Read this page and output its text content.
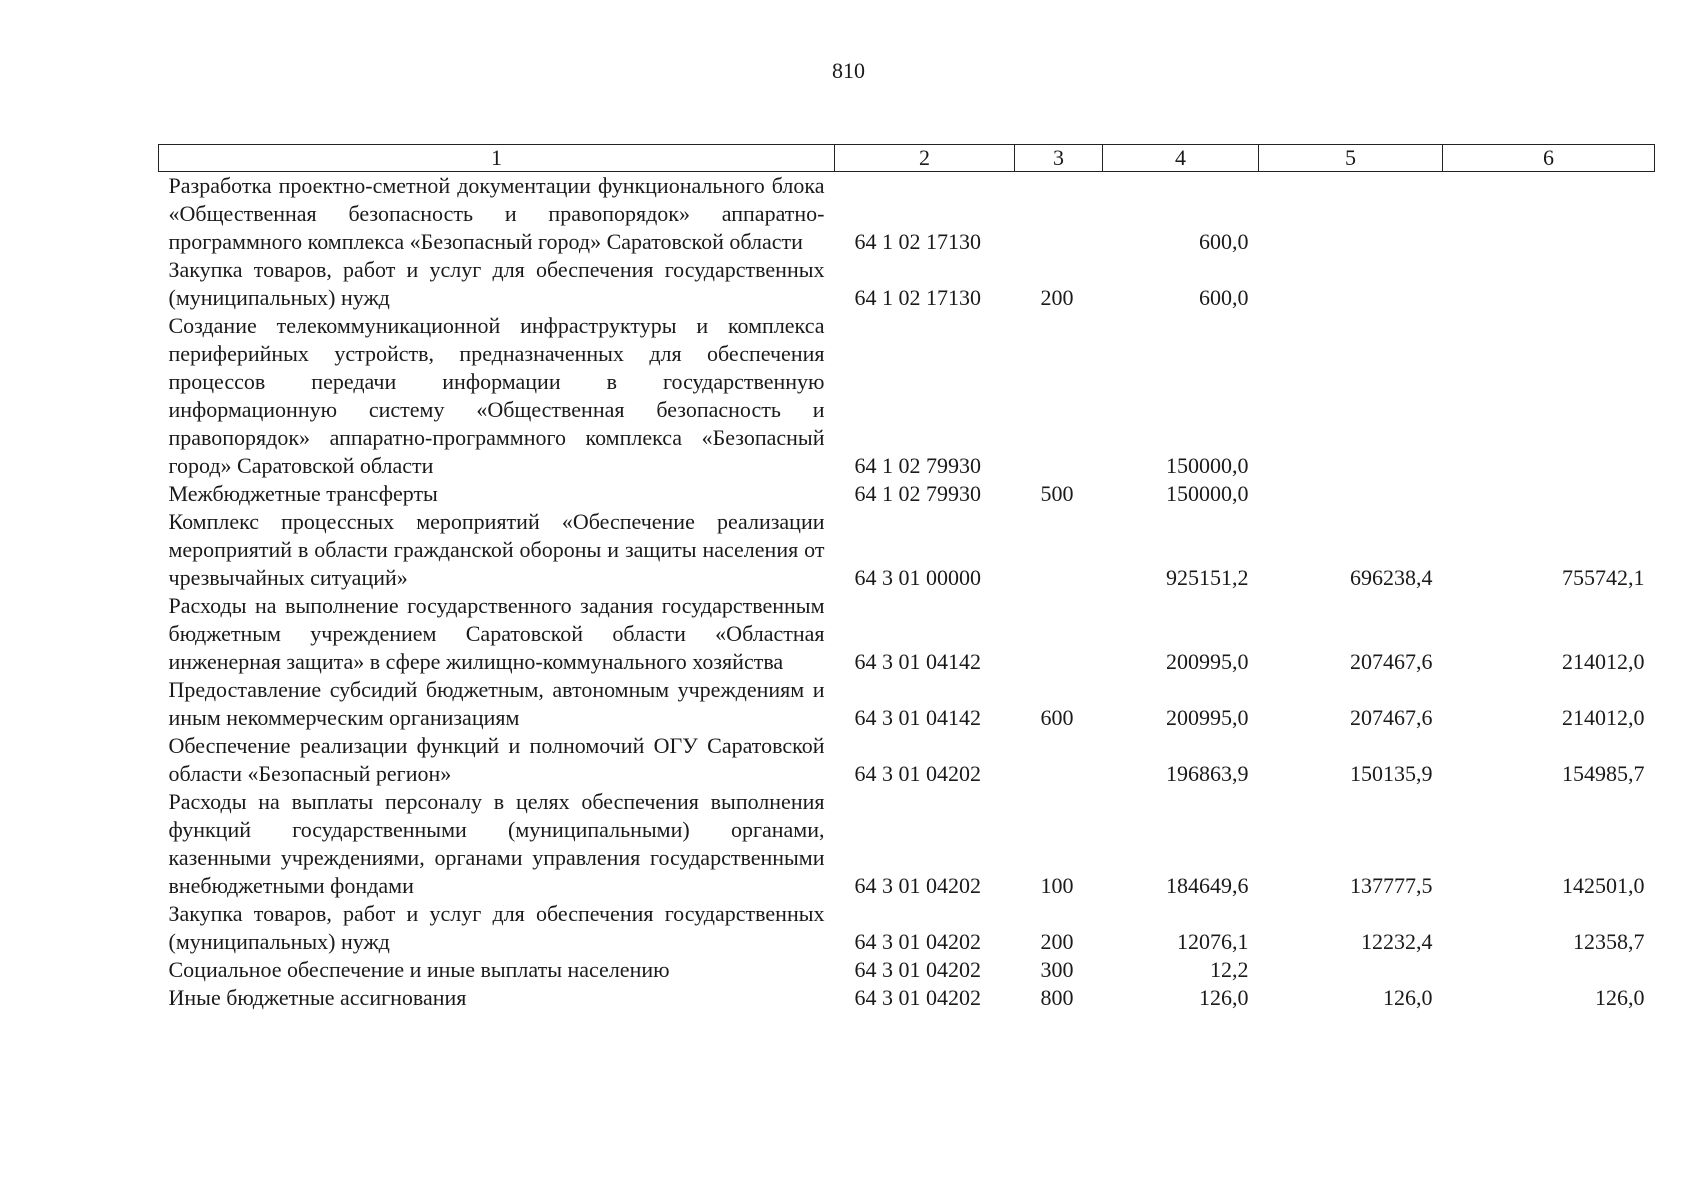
810
1	2	3	4	5	6
Разработка проектно-сметной документации функционального блока «Общественная безопасность и правопорядок» аппаратно-программного комплекса «Безопасный город» Саратовской области	64 1 02 17130		600,0		
Закупка товаров, работ и услуг для обеспечения государственных (муниципальных) нужд	64 1 02 17130	200	600,0		
Создание телекоммуникационной инфраструктуры и комплекса периферийных устройств, предназначенных для обеспечения процессов передачи информации в государственную информационную систему «Общественная безопасность и правопорядок» аппаратно-программного комплекса «Безопасный город» Саратовской области	64 1 02 79930		150000,0		
Межбюджетные трансферты	64 1 02 79930	500	150000,0		
Комплекс процессных мероприятий «Обеспечение реализации мероприятий в области гражданской обороны и защиты населения от чрезвычайных ситуаций»	64 3 01 00000		925151,2	696238,4	755742,1
Расходы на выполнение государственного задания государственным бюджетным учреждением Саратовской области «Областная инженерная защита» в сфере жилищно-коммунального хозяйства	64 3 01 04142		200995,0	207467,6	214012,0
Предоставление субсидий бюджетным, автономным учреждениям и иным некоммерческим организациям	64 3 01 04142	600	200995,0	207467,6	214012,0
Обеспечение реализации функций и полномочий ОГУ Саратовской области «Безопасный регион»	64 3 01 04202		196863,9	150135,9	154985,7
Расходы на выплаты персоналу в целях обеспечения выполнения функций государственными (муниципальными) органами, казенными учреждениями, органами управления государственными внебюджетными фондами	64 3 01 04202	100	184649,6	137777,5	142501,0
Закупка товаров, работ и услуг для обеспечения государственных (муниципальных) нужд	64 3 01 04202	200	12076,1	12232,4	12358,7
Социальное обеспечение и иные выплаты населению	64 3 01 04202	300	12,2		
Иные бюджетные ассигнования	64 3 01 04202	800	126,0	126,0	126,0
